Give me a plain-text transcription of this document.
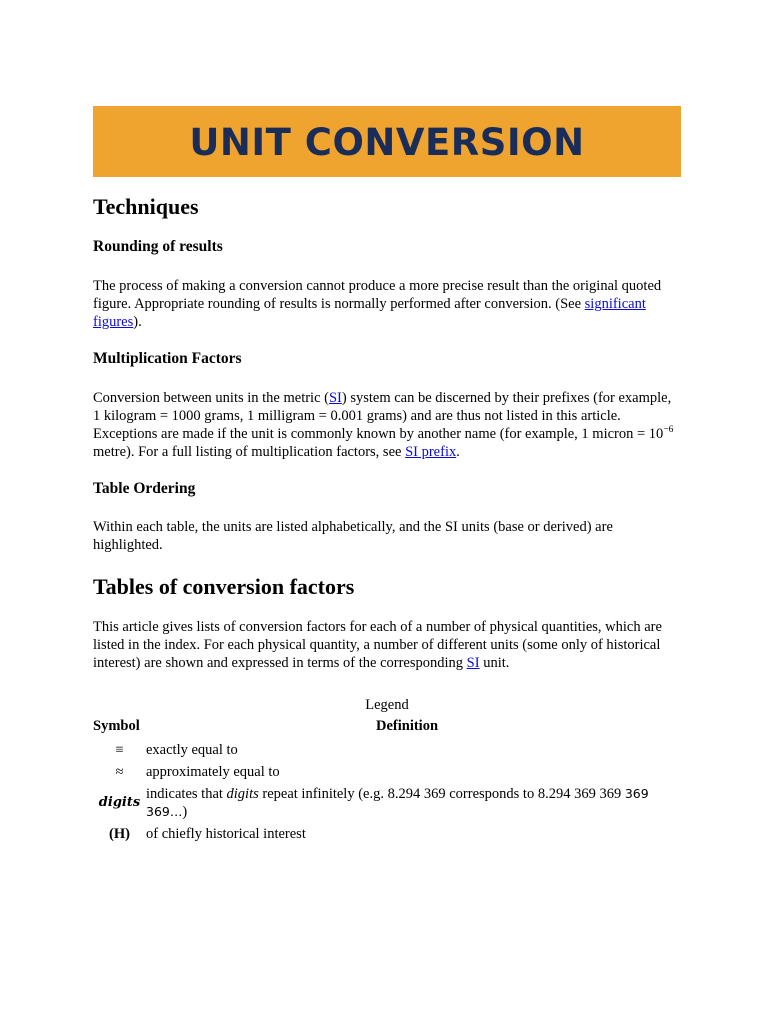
UNIT CONVERSION
Techniques
Rounding of results

The process of making a conversion cannot produce a more precise result than the original quoted figure. Appropriate rounding of results is normally performed after conversion. (See significant figures).

Multiplication Factors

Conversion between units in the metric (SI) system can be discerned by their prefixes (for example, 1 kilogram = 1000 grams, 1 milligram = 0.001 grams) and are thus not listed in this article. Exceptions are made if the unit is commonly known by another name (for example, 1 micron = $10^{-6}$ metre). For a full listing of multiplication factors, see SI prefix.

Table Ordering

Within each table, the units are listed alphabetically, and the SI units (base or derived) are highlighted.

Tables of conversion factors

This article gives lists of conversion factors for each of a number of physical quantities, which are listed in the index. For each physical quantity, a number of different units (some only of historical interest) are shown and expressed in terms of the corresponding SI unit.

Legend
Symbol	Definition
≡	exactly equal to
≈	approximately equal to
digits	indicates that digits repeat infinitely (e.g. 8.294 369 corresponds to 8.294 369 369 369 369…)
(H)	of chiefly historical interest
